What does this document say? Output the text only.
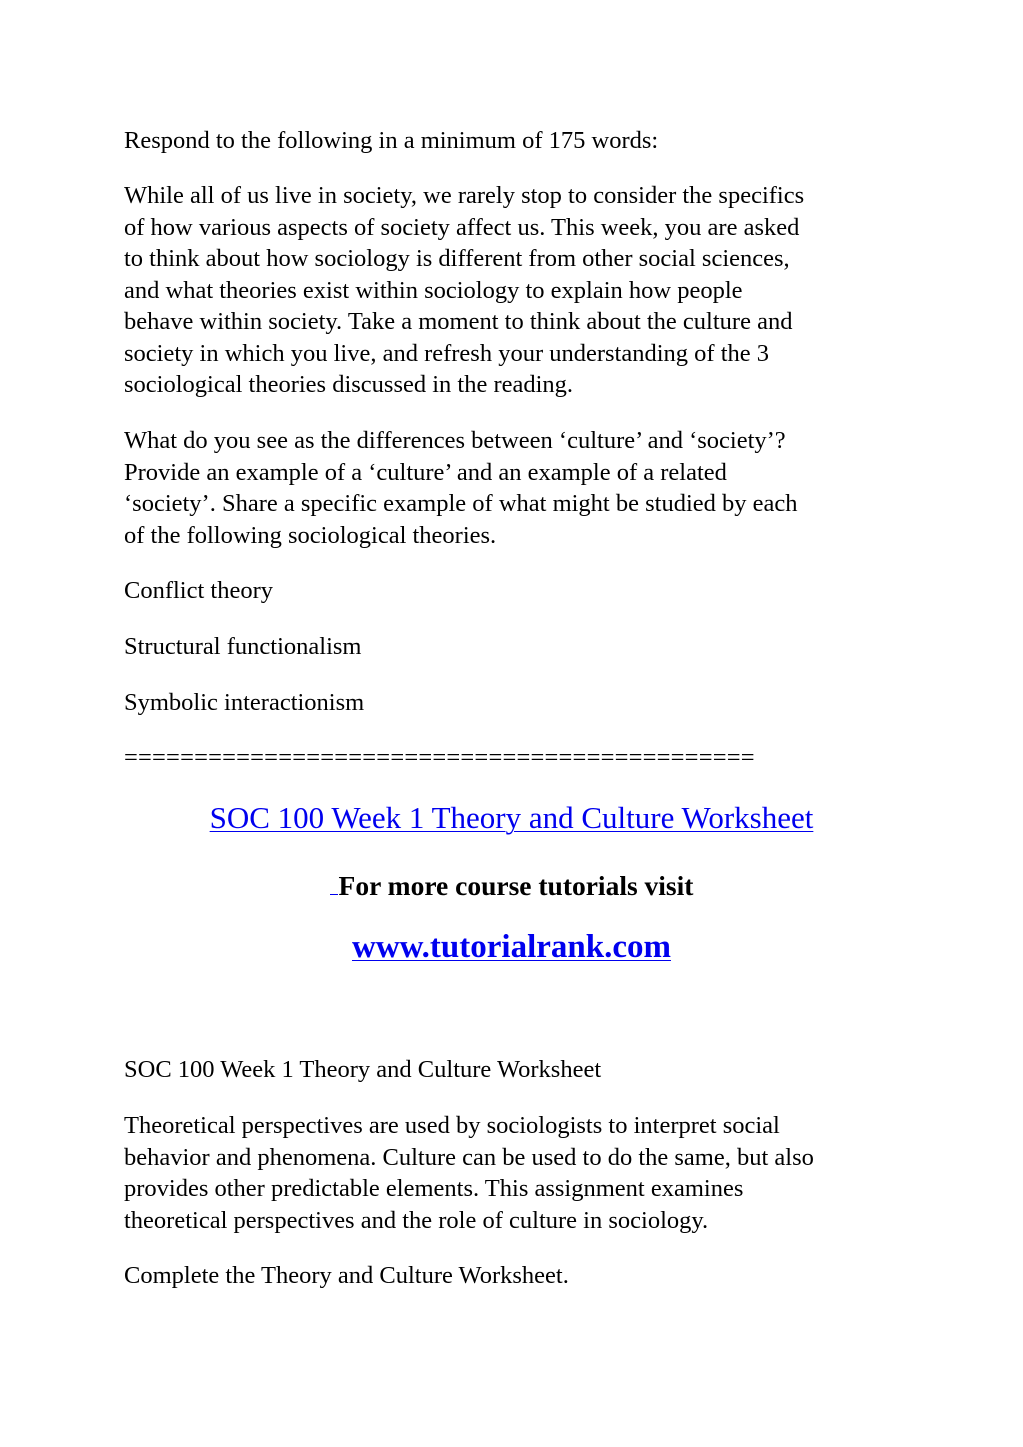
Respond to the following in a minimum of 175 words:

While all of us live in society, we rarely stop to consider the specifics
of how various aspects of society affect us. This week, you are asked
to think about how sociology is different from other social sciences,
and what theories exist within sociology to explain how people
behave within society. Take a moment to think about the culture and
society in which you live, and refresh your understanding of the 3
sociological theories discussed in the reading.

What do you see as the differences between ‘culture’ and ‘society’?
Provide an example of a ‘culture’ and an example of a related
‘society’. Share a specific example of what might be studied by each
of the following sociological theories.

Conflict theory

Structural functionalism

Symbolic interactionism

=============================================

SOC 100 Week 1 Theory and Culture Worksheet

For more course tutorials visit

www.tutorialrank.com

SOC 100 Week 1 Theory and Culture Worksheet

Theoretical perspectives are used by sociologists to interpret social
behavior and phenomena. Culture can be used to do the same, but also
provides other predictable elements. This assignment examines
theoretical perspectives and the role of culture in sociology.

Complete the Theory and Culture Worksheet.
